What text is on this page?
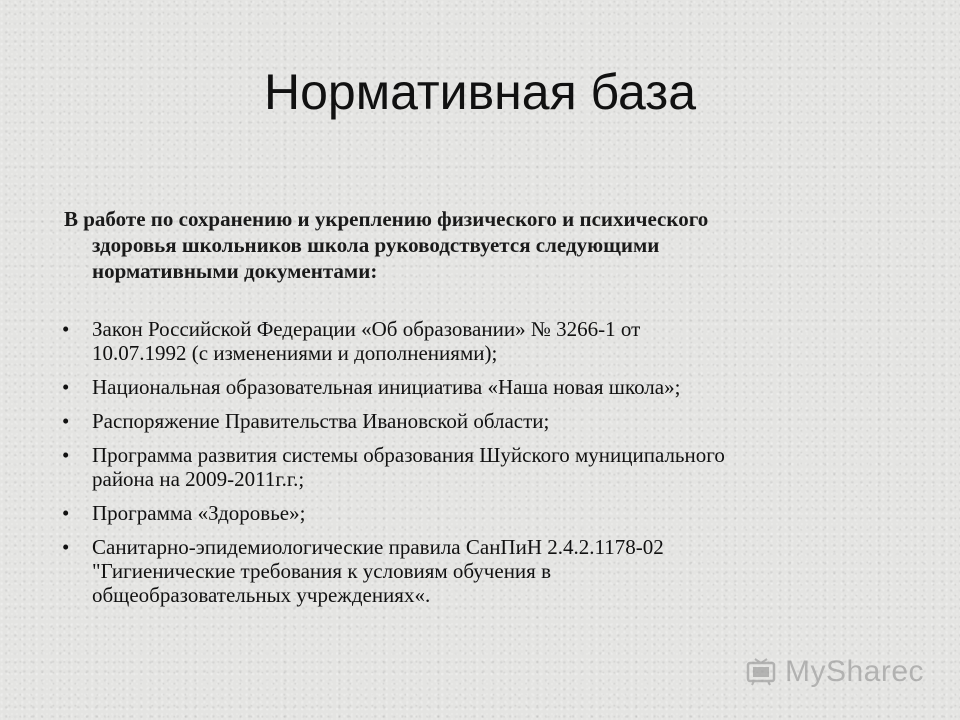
Нормативная база

В работе по сохранению и укреплению физического и психического
здоровья школьников школа руководствуется следующими
нормативными документами:

•	Закон Российской Федерации «Об образовании» № 3266-1 от
10.07.1992 (с изменениями и дополнениями);
•	Национальная образовательная инициатива «Наша новая школа»;
•	Распоряжение Правительства Ивановской области;
•	Программа развития системы образования Шуйского муниципального
района на 2009-2011г.г.;
•	Программа «Здоровье»;
•	Санитарно-эпидемиологические правила СанПиН 2.4.2.1178-02
"Гигиенические требования к условиям обучения в
общеобразовательных учреждениях«.
MySharec
